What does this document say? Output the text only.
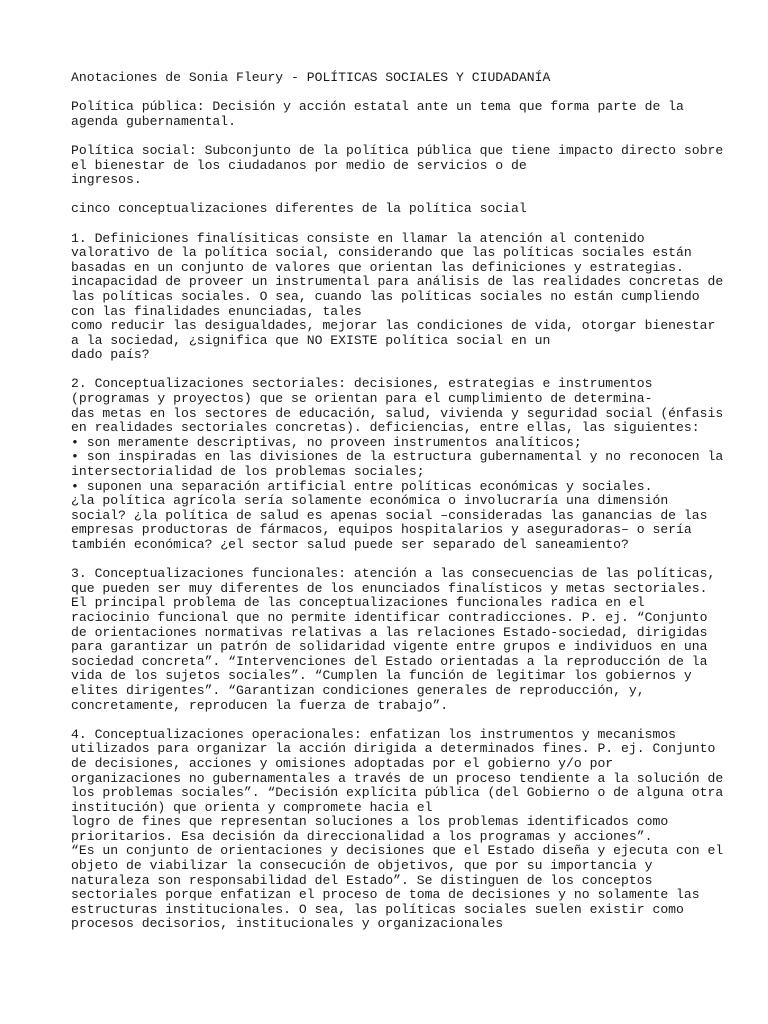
Anotaciones de Sonia Fleury - POLÍTICAS SOCIALES Y CIUDADANÍA

Política pública: Decisión y acción estatal ante un tema que forma parte de la
agenda gubernamental.

Política social: Subconjunto de la política pública que tiene impacto directo sobre
el bienestar de los ciudadanos por medio de servicios o de
ingresos.

cinco conceptualizaciones diferentes de la política social

1. Definiciones finalísiticas consiste en llamar la atención al contenido
valorativo de la política social, considerando que las políticas sociales están
basadas en un conjunto de valores que orientan las definiciones y estrategias.
incapacidad de proveer un instrumental para análisis de las realidades concretas de
las políticas sociales. O sea, cuando las políticas sociales no están cumpliendo
con las finalidades enunciadas, tales
como reducir las desigualdades, mejorar las condiciones de vida, otorgar bienestar
a la sociedad, ¿significa que NO EXISTE política social en un
dado país?

2. Conceptualizaciones sectoriales: decisiones, estrategias e instrumentos
(programas y proyectos) que se orientan para el cumplimiento de determina-
das metas en los sectores de educación, salud, vivienda y seguridad social (énfasis
en realidades sectoriales concretas). deficiencias, entre ellas, las siguientes:
• son meramente descriptivas, no proveen instrumentos analíticos;
• son inspiradas en las divisiones de la estructura gubernamental y no reconocen la
intersectorialidad de los problemas sociales;
• suponen una separación artificial entre políticas económicas y sociales.
¿la política agrícola sería solamente económica o involucraría una dimensión
social? ¿la política de salud es apenas social –consideradas las ganancias de las
empresas productoras de fármacos, equipos hospitalarios y aseguradoras– o sería
también económica? ¿el sector salud puede ser separado del saneamiento?

3. Conceptualizaciones funcionales: atención a las consecuencias de las políticas,
que pueden ser muy diferentes de los enunciados finalísticos y metas sectoriales.
El principal problema de las conceptualizaciones funcionales radica en el
raciocinio funcional que no permite identificar contradicciones. P. ej. “Conjunto
de orientaciones normativas relativas a las relaciones Estado-sociedad, dirigidas
para garantizar un patrón de solidaridad vigente entre grupos e individuos en una
sociedad concreta”. “Intervenciones del Estado orientadas a la reproducción de la
vida de los sujetos sociales”. “Cumplen la función de legitimar los gobiernos y
elites dirigentes”. “Garantizan condiciones generales de reproducción, y,
concretamente, reproducen la fuerza de trabajo”.

4. Conceptualizaciones operacionales: enfatizan los instrumentos y mecanismos
utilizados para organizar la acción dirigida a determinados fines. P. ej. Conjunto
de decisiones, acciones y omisiones adoptadas por el gobierno y/o por
organizaciones no gubernamentales a través de un proceso tendiente a la solución de
los problemas sociales”. “Decisión explícita pública (del Gobierno o de alguna otra
institución) que orienta y compromete hacia el
logro de fines que representan soluciones a los problemas identificados como
prioritarios. Esa decisión da direccionalidad a los programas y acciones”.
“Es un conjunto de orientaciones y decisiones que el Estado diseña y ejecuta con el
objeto de viabilizar la consecución de objetivos, que por su importancia y
naturaleza son responsabilidad del Estado”. Se distinguen de los conceptos
sectoriales porque enfatizan el proceso de toma de decisiones y no solamente las
estructuras institucionales. O sea, las políticas sociales suelen existir como
procesos decisorios, institucionales y organizacionales
